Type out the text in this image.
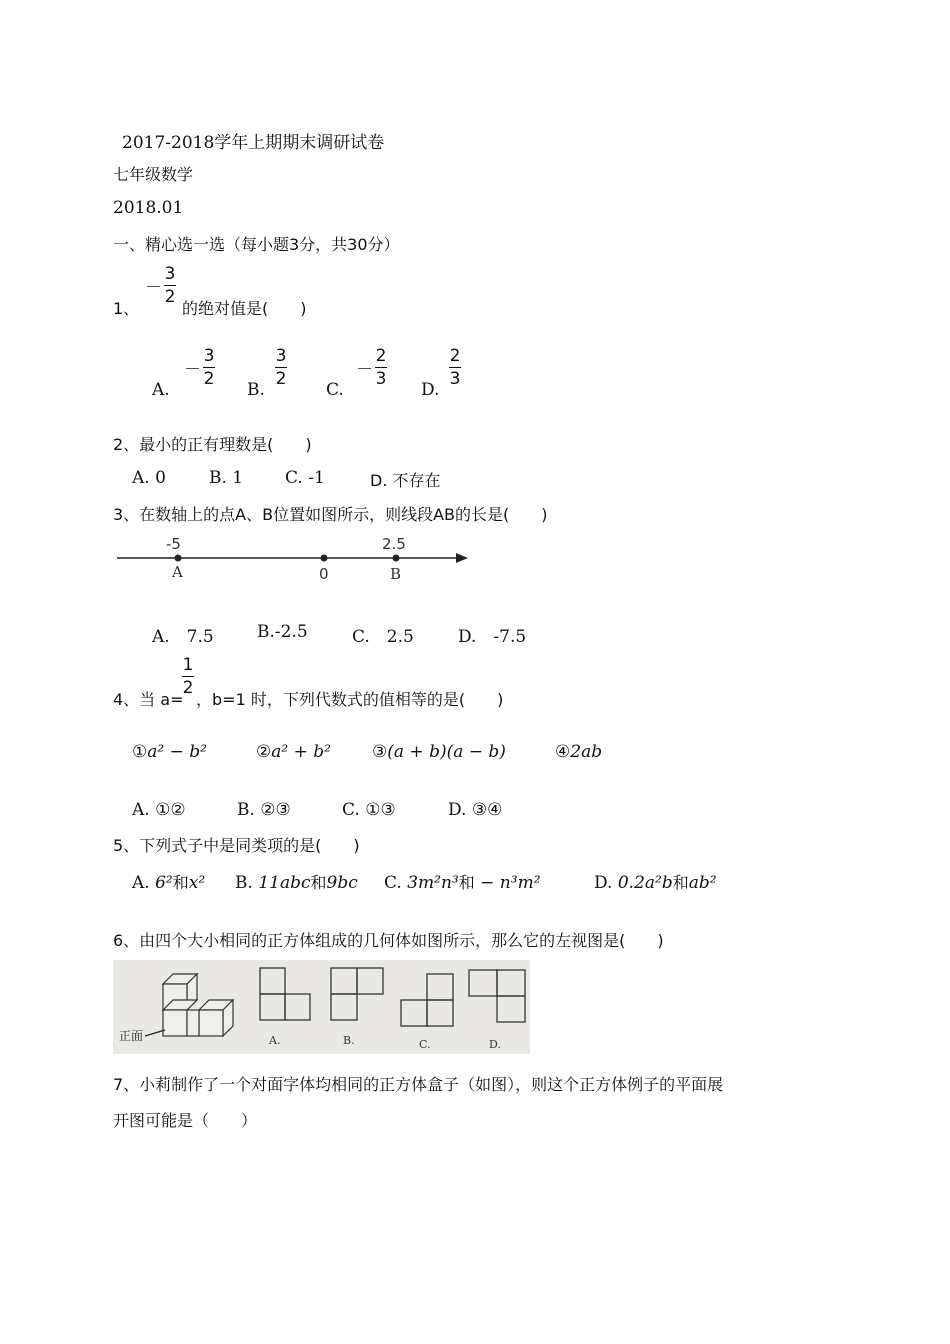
2017-2018学年上期期末调研试卷
七年级数学
2018.01
一、精心选一选（每小题3分，共30分）
1、
－ $\frac{3}{2}$
的绝对值是(　　)
A.
－ $\frac{3}{2}$
B.
$\frac{3}{2}$
C.
－ $\frac{2}{3}$
D.
$\frac{2}{3}$
2、最小的正有理数是(　　)
A. 0	B. 1 C. -1	D. 不存在
3、在数轴上的点A、B位置如图所示，则线段AB的长是(　　)
-5
A	0
2.5
B
A.　7.5	B.-2.5	C.　2.5	D.　-7.5
4、当 a=
$\frac{1}{2}$
，b=1 时，下列代数式的值相等的是(　　)
①a² − b²	②a² + b² ③(a + b)(a − b)	④2ab
A. ①②	B. ②③	C. ①③	D. ③④
5、下列式子中是同类项的是(　　)
A. 6²和x² B. 11abc和9bc C. 3m²n³和 − n³m²	D. 0.2a²b和ab²
6、由四个大小相同的正方体组成的几何体如图所示，那么它的左视图是(　　)
正面	A.	B.	C.	D.
7、小莉制作了一个对面字体均相同的正方体盒子（如图），则这个正方体例子的平面展
开图可能是（　　）
